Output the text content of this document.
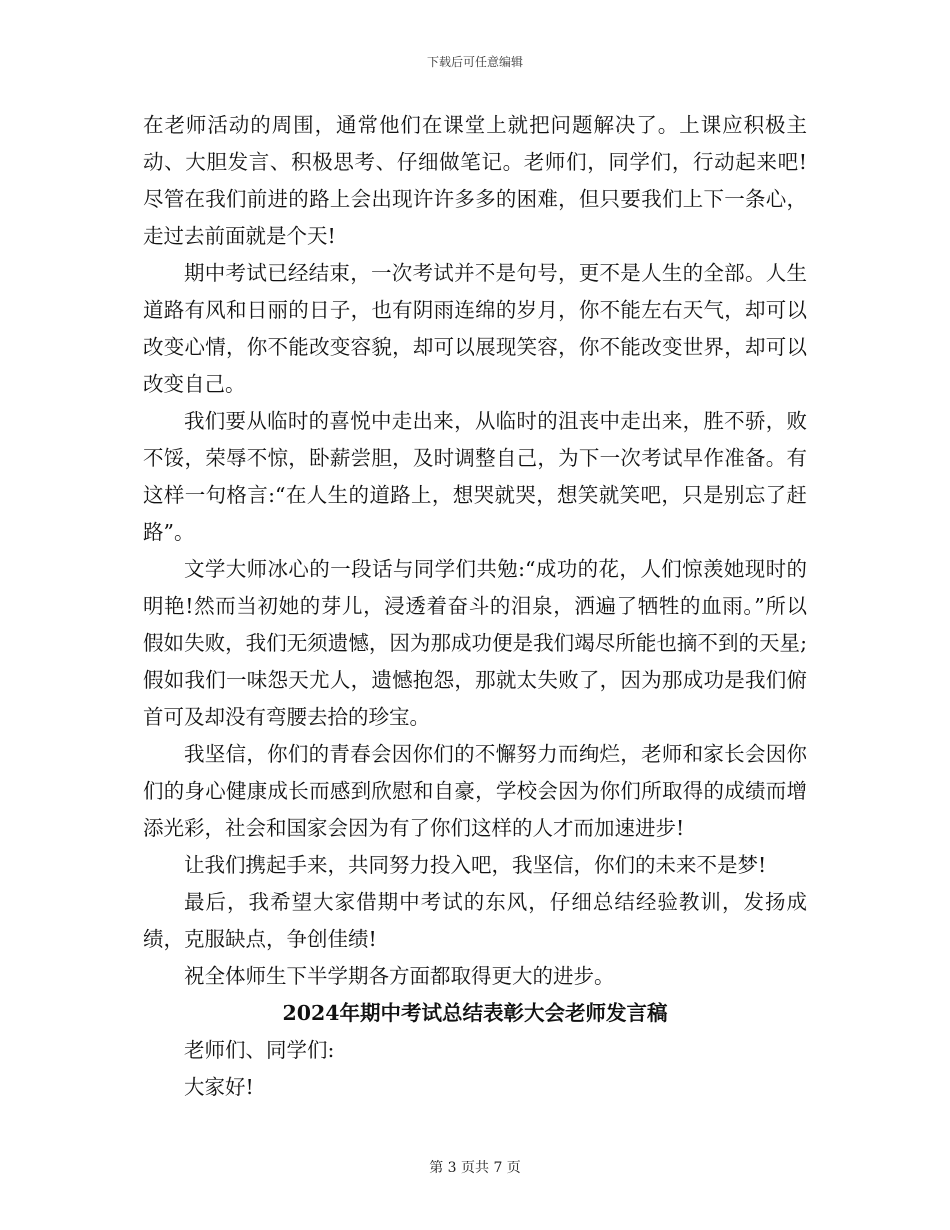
下载后可任意编辑

在老师活动的周围，通常他们在课堂上就把问题解决了。上课应积极主动、大胆发言、积极思考、仔细做笔记。老师们，同学们，行动起来吧!尽管在我们前进的路上会出现许许多多的困难，但只要我们上下一条心，走过去前面就是个天!

期中考试已经结束，一次考试并不是句号，更不是人生的全部。人生道路有风和日丽的日子，也有阴雨连绵的岁月，你不能左右天气，却可以改变心情，你不能改变容貌，却可以展现笑容，你不能改变世界，却可以改变自己。

我们要从临时的喜悦中走出来，从临时的沮丧中走出来，胜不骄，败不馁，荣辱不惊，卧薪尝胆，及时调整自己，为下一次考试早作准备。有这样一句格言:“在人生的道路上，想哭就哭，想笑就笑吧，只是别忘了赶路”。

文学大师冰心的一段话与同学们共勉:“成功的花，人们惊羡她现时的明艳!然而当初她的芽儿，浸透着奋斗的泪泉，洒遍了牺牲的血雨。”所以假如失败，我们无须遗憾，因为那成功便是我们竭尽所能也摘不到的天星;假如我们一味怨天尤人，遗憾抱怨，那就太失败了，因为那成功是我们俯首可及却没有弯腰去拾的珍宝。

我坚信，你们的青春会因你们的不懈努力而绚烂，老师和家长会因你们的身心健康成长而感到欣慰和自豪，学校会因为你们所取得的成绩而增添光彩，社会和国家会因为有了你们这样的人才而加速进步!

让我们携起手来，共同努力投入吧，我坚信，你们的未来不是梦!

最后，我希望大家借期中考试的东风，仔细总结经验教训，发扬成绩，克服缺点，争创佳绩!

祝全体师生下半学期各方面都取得更大的进步。

2024年期中考试总结表彰大会老师发言稿

老师们、同学们:

大家好!

第 3 页共 7 页
